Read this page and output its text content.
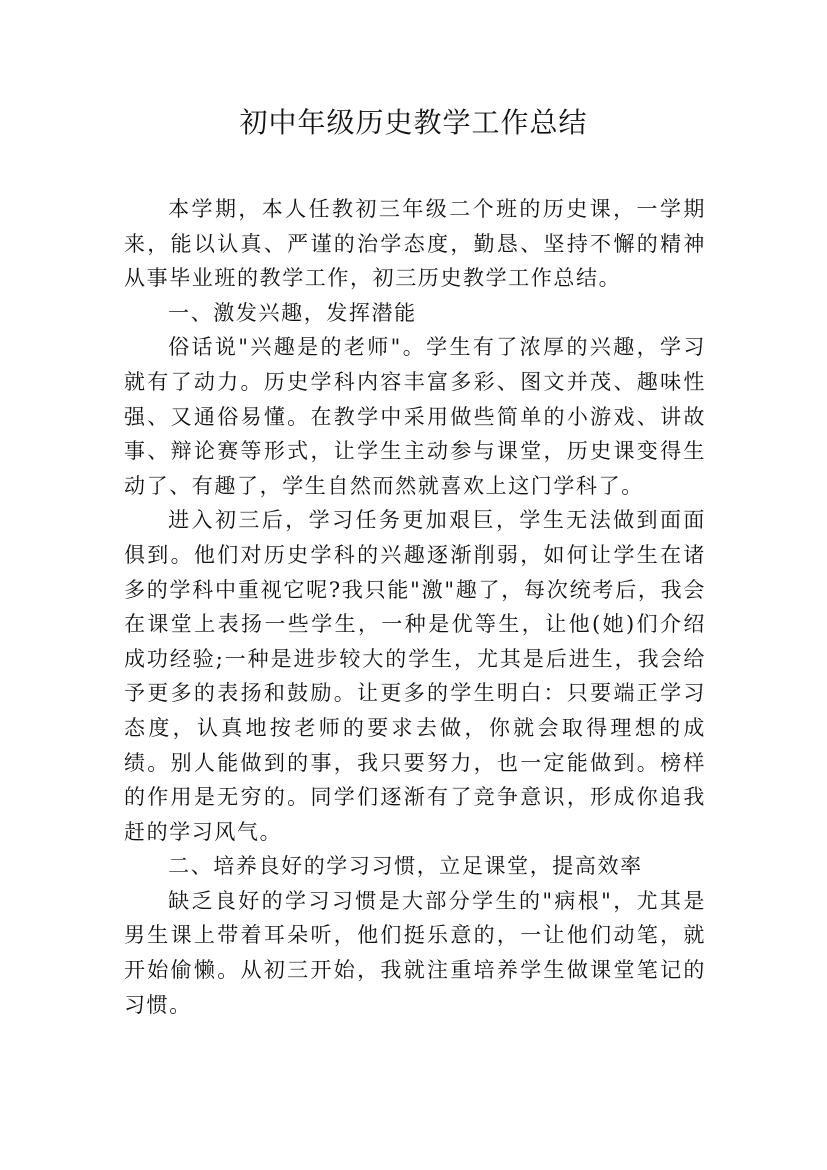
初中年级历史教学工作总结

本学期，本人任教初三年级二个班的历史课，一学期来，能以认真、严谨的治学态度，勤恳、坚持不懈的精神从事毕业班的教学工作，初三历史教学工作总结。

一、激发兴趣，发挥潜能

俗话说"兴趣是的老师"。学生有了浓厚的兴趣，学习就有了动力。历史学科内容丰富多彩、图文并茂、趣味性强、又通俗易懂。在教学中采用做些简单的小游戏、讲故事、辩论赛等形式，让学生主动参与课堂，历史课变得生动了、有趣了，学生自然而然就喜欢上这门学科了。

进入初三后，学习任务更加艰巨，学生无法做到面面俱到。他们对历史学科的兴趣逐渐削弱，如何让学生在诸多的学科中重视它呢?我只能"激"趣了，每次统考后，我会在课堂上表扬一些学生，一种是优等生，让他(她)们介绍成功经验;一种是进步较大的学生，尤其是后进生，我会给予更多的表扬和鼓励。让更多的学生明白：只要端正学习态度，认真地按老师的要求去做，你就会取得理想的成绩。别人能做到的事，我只要努力，也一定能做到。榜样的作用是无穷的。同学们逐渐有了竞争意识，形成你追我赶的学习风气。

二、培养良好的学习习惯，立足课堂，提高效率

缺乏良好的学习习惯是大部分学生的"病根"，尤其是男生课上带着耳朵听，他们挺乐意的，一让他们动笔，就开始偷懒。从初三开始，我就注重培养学生做课堂笔记的习惯。
